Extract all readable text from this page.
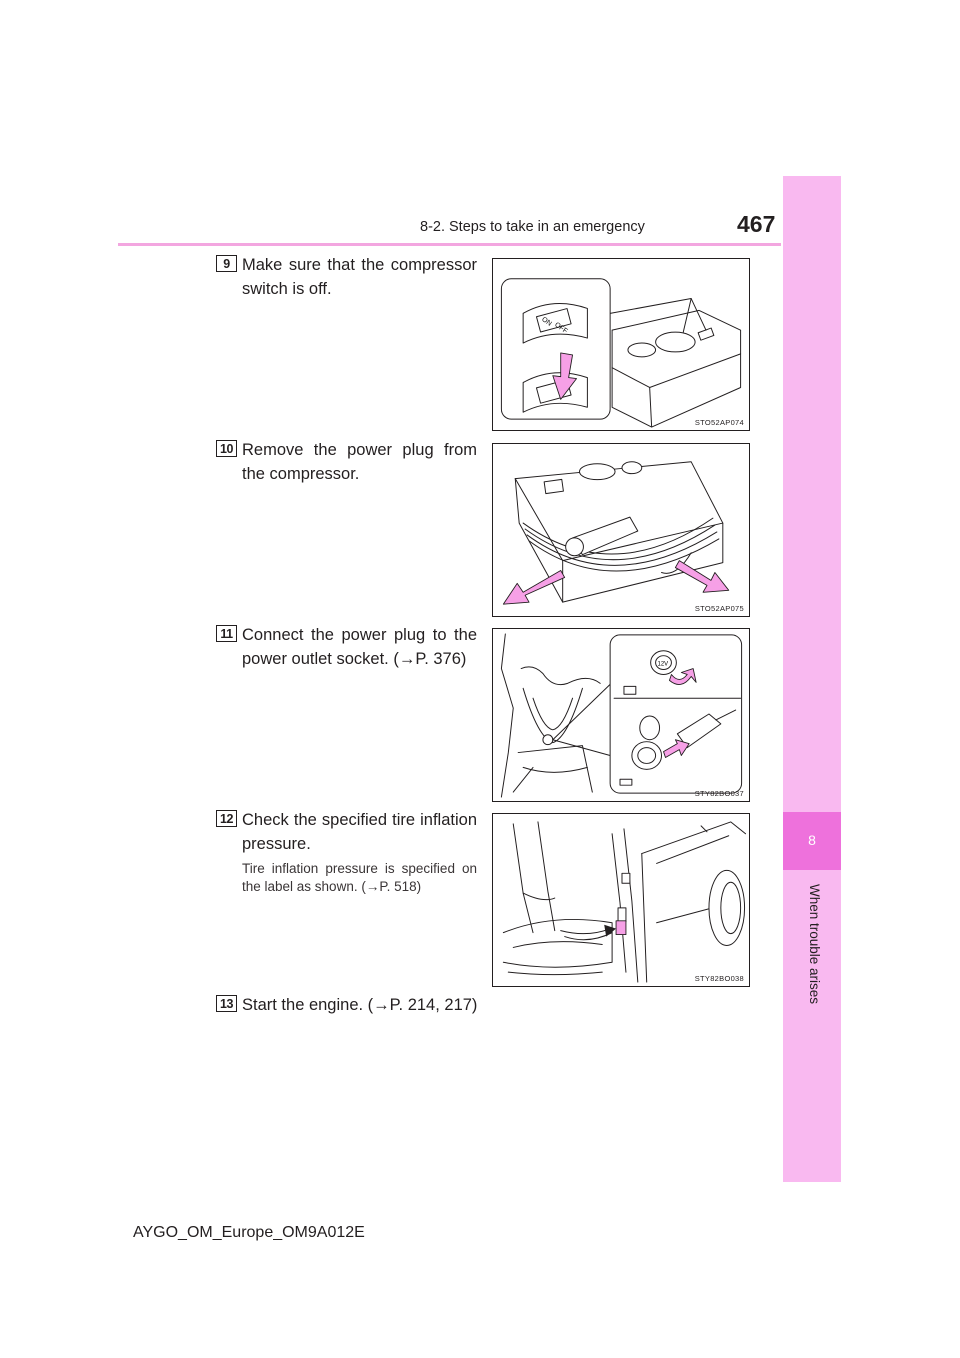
8-2. Steps to take in an emergency	467
8
When trouble arises
9 Make sure that the compressor switch is off.
ON OFF
STO52AP074
10 Remove the power plug from the compressor.
STO52AP075
11 Connect the power plug to the power outlet socket. (→P. 376)	12V
STY82BO037
12 Check the specified tire inflation pressure.
Tire inflation pressure is specified on the label as shown. (→P. 518)
STY82BO038
13 Start the engine. (→P. 214, 217)
AYGO_OM_Europe_OM9A012E
